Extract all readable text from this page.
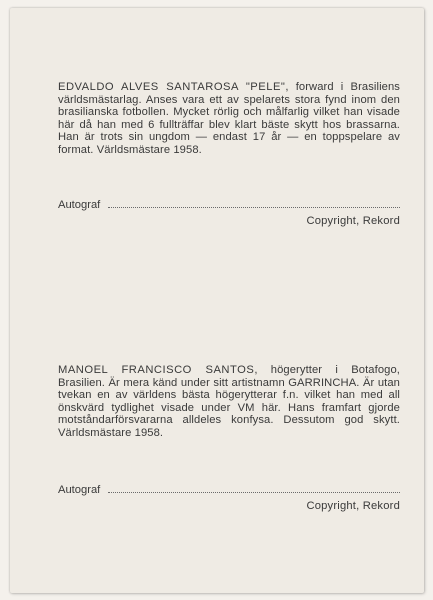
EDVALDO ALVES SANTAROSA "PELE", forward i Brasiliens världsmästarlag. Anses vara ett av spelarets stora fynd inom den brasilianska fotbollen. Mycket rörlig och målfarlig vilket han visade här då han med 6 fullträffar blev klart bäste skytt hos brassarna. Han är trots sin ungdom — endast 17 år — en toppspelare av format. Världsmästare 1958.

Autograf
Copyright, Rekord

MANOEL FRANCISCO SANTOS, högerytter i Botafogo, Brasilien. Är mera känd under sitt artistnamn GARRINCHA. Är utan tvekan en av världens bästa högerytterar f.n. vilket han med all önskvärd tydlighet visade under VM här. Hans framfart gjorde motståndarförsvararna alldeles konfysa. Dessutom god skytt. Världsmästare 1958.

Autograf
Copyright, Rekord
